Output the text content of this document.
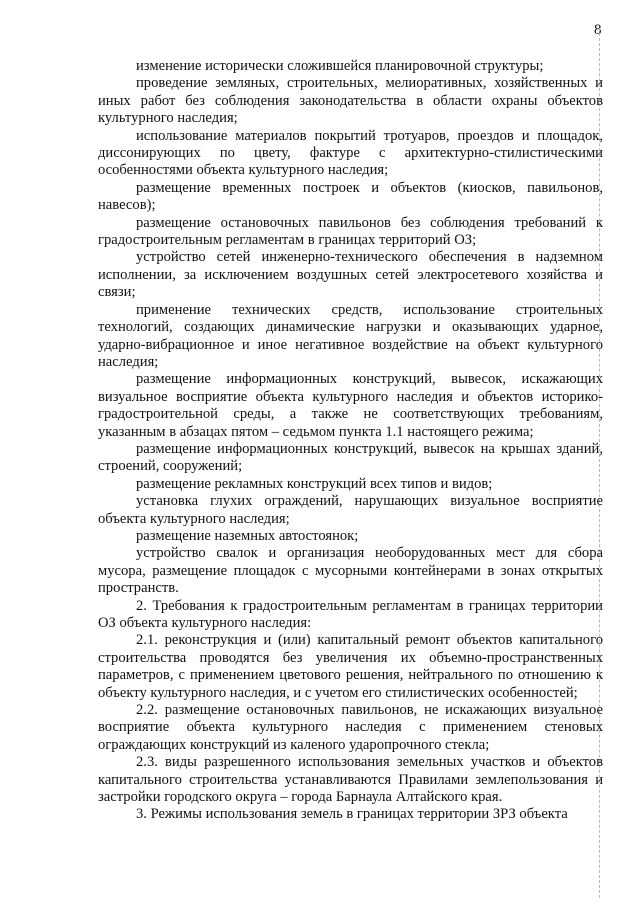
8

изменение исторически сложившейся планировочной структуры;

проведение земляных, строительных, мелиоративных, хозяйственных и иных работ без соблюдения законодательства в области охраны объектов культурного наследия;

использование материалов покрытий тротуаров, проездов и площадок, диссонирующих по цвету, фактуре с архитектурно-стилистическими особенностями объекта культурного наследия;

размещение временных построек и объектов (киосков, павильонов, навесов);

размещение остановочных павильонов без соблюдения требований к градостроительным регламентам в границах территорий ОЗ;

устройство сетей инженерно-технического обеспечения в надземном исполнении, за исключением воздушных сетей электросетевого хозяйства и связи;

применение технических средств, использование строительных технологий, создающих динамические нагрузки и оказывающих ударное, ударно-вибрационное и иное негативное воздействие на объект культурного наследия;

размещение информационных конструкций, вывесок, искажающих визуальное восприятие объекта культурного наследия и объектов историко-градостроительной среды, а также не соответствующих требованиям, указанным в абзацах пятом – седьмом пункта 1.1 настоящего режима;

размещение информационных конструкций, вывесок на крышах зданий, строений, сооружений;

размещение рекламных конструкций всех типов и видов;

установка глухих ограждений, нарушающих визуальное восприятие объекта культурного наследия;

размещение наземных автостоянок;

устройство свалок и организация необорудованных мест для сбора мусора, размещение площадок с мусорными контейнерами в зонах открытых пространств.

2. Требования к градостроительным регламентам в границах территории ОЗ объекта культурного наследия:

2.1. реконструкция и (или) капитальный ремонт объектов капитального строительства проводятся без увеличения их объемно-пространственных параметров, с применением цветового решения, нейтрального по отношению к объекту культурного наследия, и с учетом его стилистических особенностей;

2.2. размещение остановочных павильонов, не искажающих визуальное восприятие объекта культурного наследия с применением стеновых ограждающих конструкций из каленого ударопрочного стекла;

2.3. виды разрешенного использования земельных участков и объектов капитального строительства устанавливаются Правилами землепользования и застройки городского округа – города Барнаула Алтайского края.

3. Режимы использования земель в границах территории ЗРЗ объекта
